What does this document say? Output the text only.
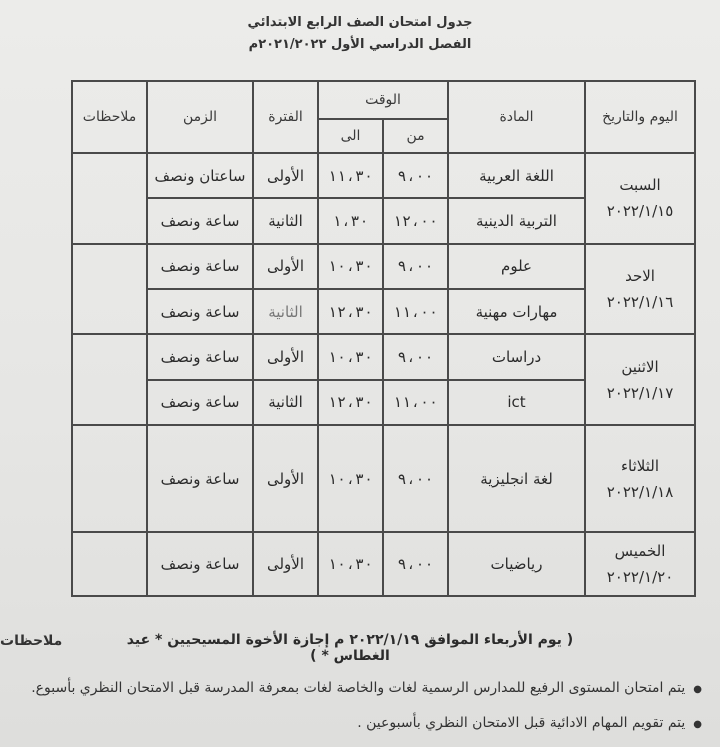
جدول امتحان الصف الرابع الابتدائي
الفصل الدراسي الأول ٢٠٢١/٢٠٢٢م
اليوم والتاريخ	المادة	الوقت		الفترة	الزمن	ملاحظات
		من	الى			

السبت
٢٠٢٢/١/١٥	اللغة العربية	٩،٠٠	١١،٣٠	الأولى	ساعتان ونصف	
	التربية الدينية	١٢،٠٠	١،٣٠	الثانية	ساعة ونصف	

الاحد
٢٠٢٢/١/١٦	علوم	٩،٠٠	١٠،٣٠	الأولى	ساعة ونصف	
	مهارات مهنية	١١،٠٠	١٢،٣٠	الثانية	ساعة ونصف	

الاثنين
٢٠٢٢/١/١٧	دراسات	٩،٠٠	١٠،٣٠	الأولى	ساعة ونصف	
	ict	١١،٠٠	١٢،٣٠	الثانية	ساعة ونصف	

الثلاثاء
٢٠٢٢/١/١٨	لغة انجليزية	٩،٠٠	١٠،٣٠	الأولى	ساعة ونصف	

الخميس
٢٠٢٢/١/٢٠	رياضيات	٩،٠٠	١٠،٣٠	الأولى	ساعة ونصف	
ملاحظات	( يوم الأربعاء الموافق ٢٠٢٢/١/١٩ م إجازة الأخوة المسيحيين * عيد الغطاس * )
●يتم امتحان المستوى الرفيع للمدارس الرسمية لغات والخاصة لغات بمعرفة المدرسة قبل الامتحان النظري بأسبوع.
●يتم تقويم المهام الادائية قبل الامتحان النظري بأسبوعين .
